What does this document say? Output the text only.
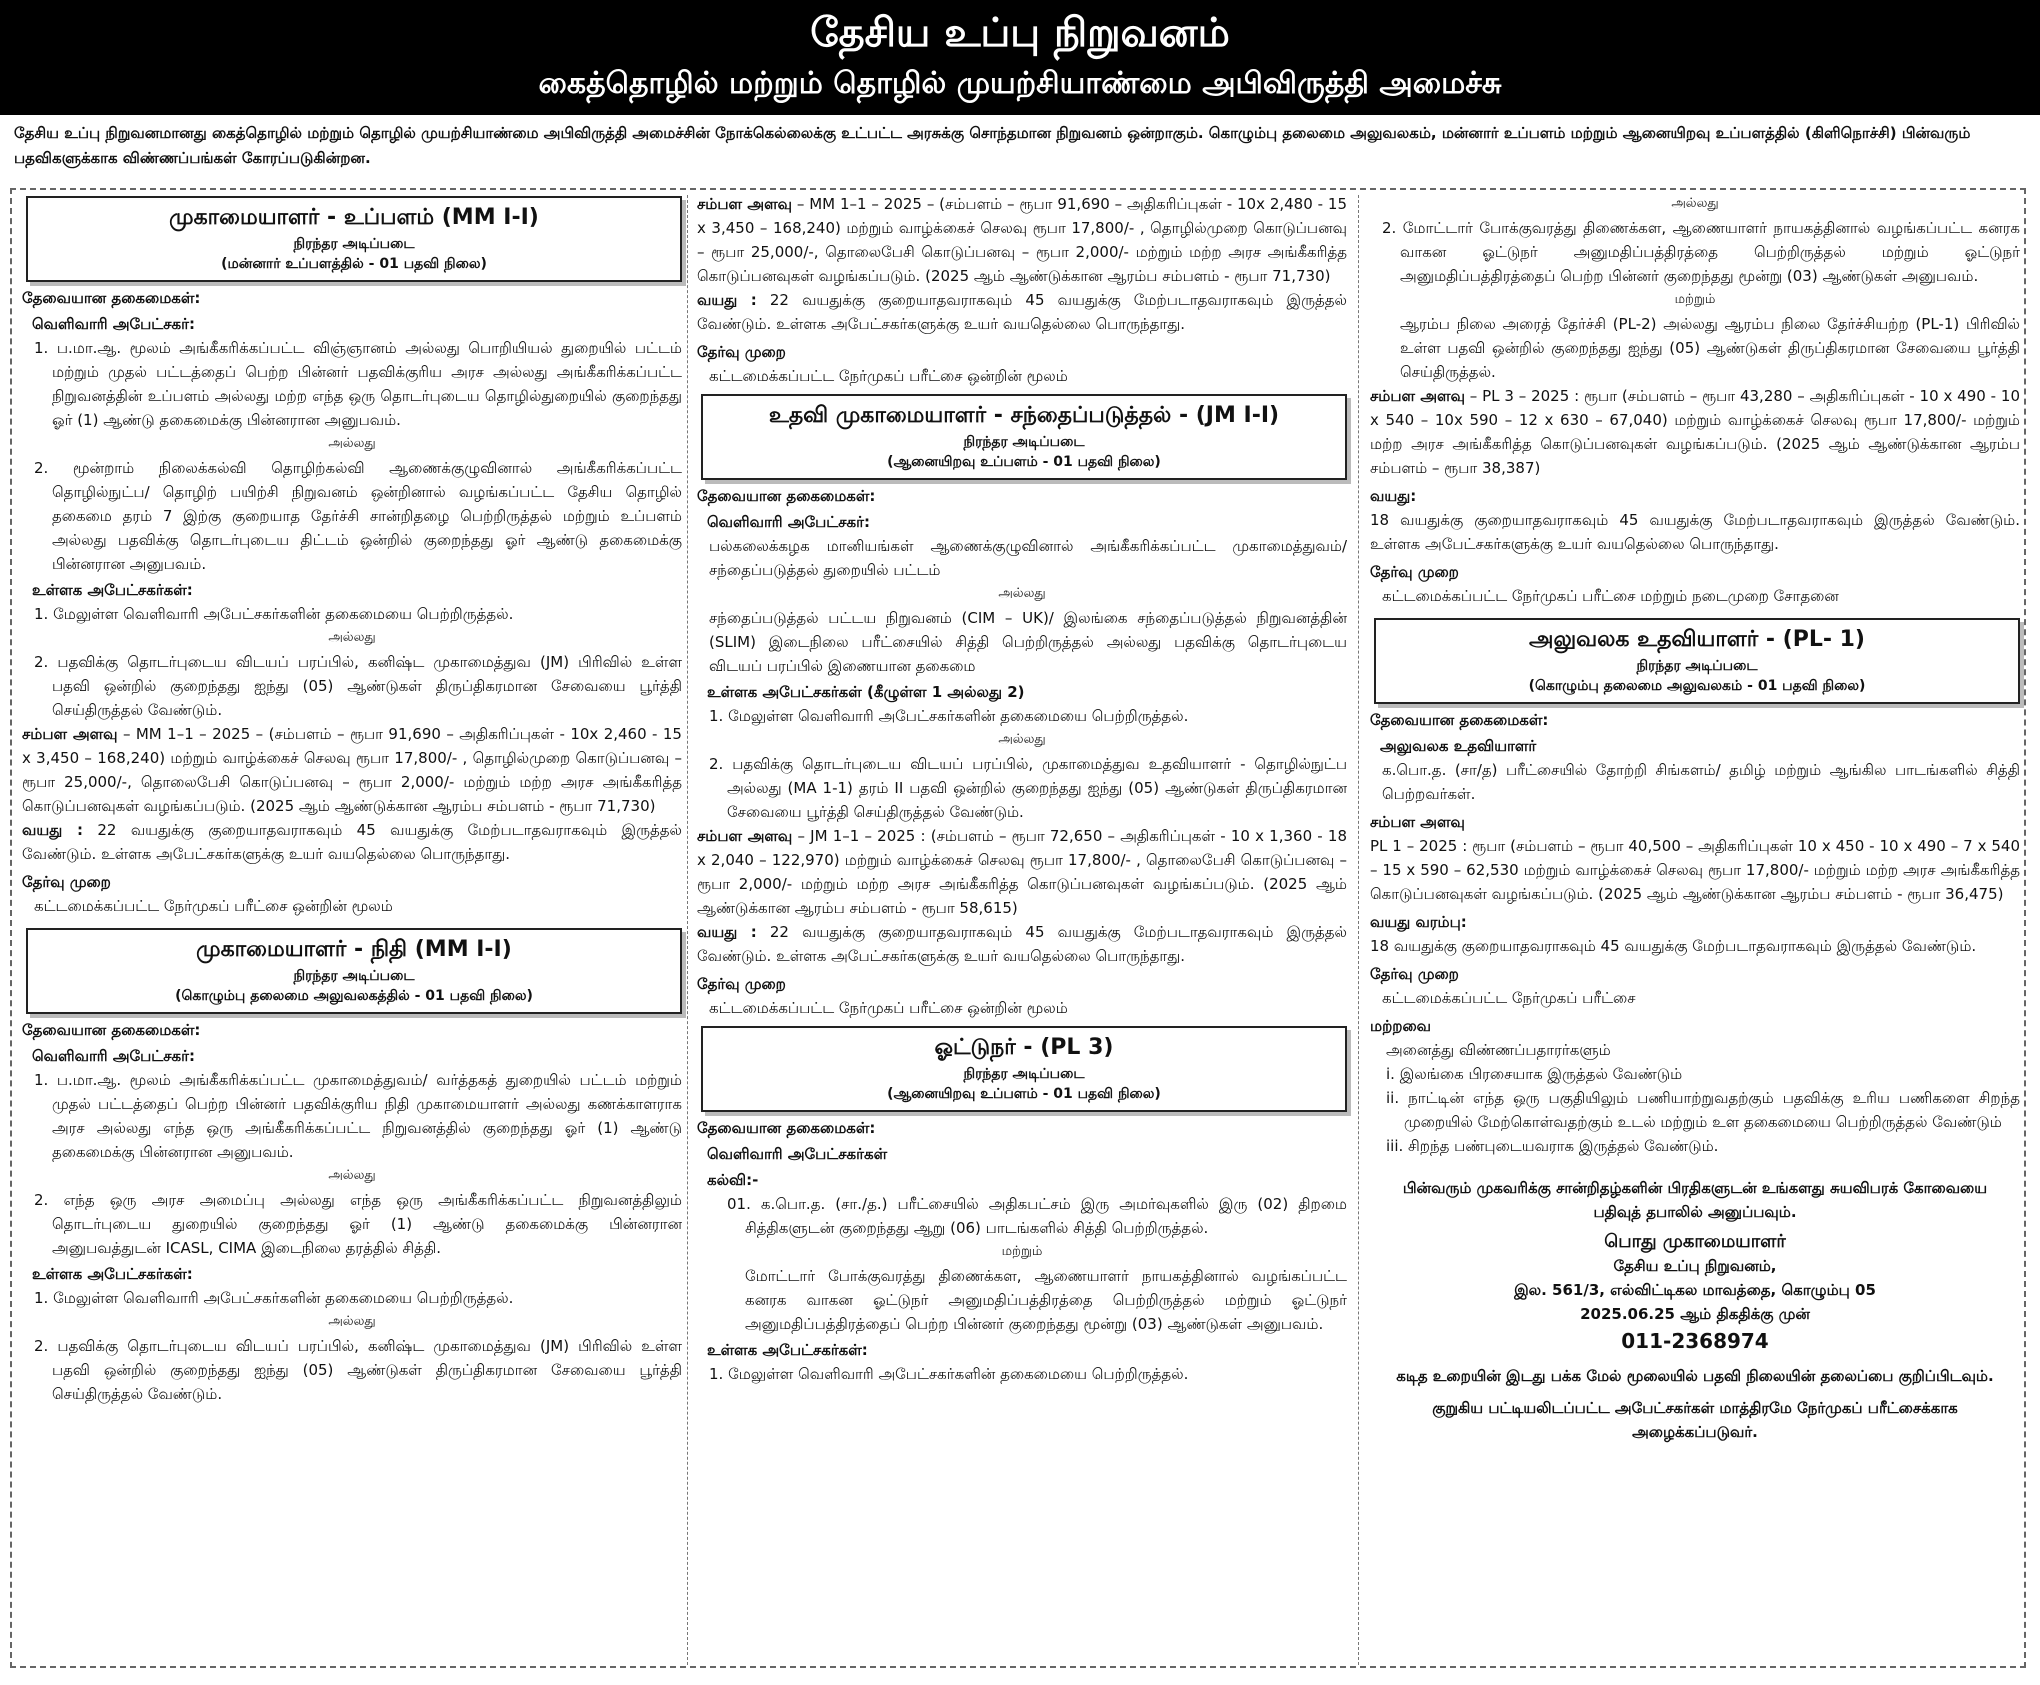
தேசிய உப்பு நிறுவனம்
கைத்தொழில் மற்றும் தொழில் முயற்சியாண்மை அபிவிருத்தி அமைச்சு
தேசிய உப்பு நிறுவனமானது கைத்தொழில் மற்றும் தொழில் முயற்சியாண்மை அபிவிருத்தி அமைச்சின் நோக்கெல்லைக்கு உட்பட்ட அரசுக்கு சொந்தமான நிறுவனம் ஒன்றாகும். கொழும்பு தலைமை அலுவலகம், மன்னார் உப்பளம் மற்றும் ஆனையிறவு உப்பளத்தில் (கிளிநொச்சி) பின்வரும் பதவிகளுக்காக விண்ணப்பங்கள் கோரப்படுகின்றன.
முகாமையாளர் - உப்பளம் (MM I-I)
நிரந்தர அடிப்படை
(மன்னார் உப்பளத்தில் - 01 பதவி நிலை)
தேவையான தகைமைகள்:
வெளிவாரி அபேட்சகர்:
1. ப.மா.ஆ. மூலம் அங்கீகரிக்கப்பட்ட விஞ்ஞானம் அல்லது பொறியியல் துறையில் பட்டம் மற்றும் முதல் பட்டத்தைப் பெற்ற பின்னர் பதவிக்குரிய அரச அல்லது அங்கீகரிக்கப்பட்ட நிறுவனத்தின் உப்பளம் அல்லது மற்ற எந்த ஒரு தொடர்புடைய தொழில்துறையில் குறைந்தது ஓர் (1) ஆண்டு தகைமைக்கு பின்னரான அனுபவம்.
அல்லது
2. மூன்றாம் நிலைக்கல்வி தொழிற்கல்வி ஆணைக்குழுவினால் அங்கீகரிக்கப்பட்ட தொழில்நுட்ப/ தொழிற் பயிற்சி நிறுவனம் ஒன்றினால் வழங்கப்பட்ட தேசிய தொழில் தகைமை தரம் 7 இற்கு குறையாத தேர்ச்சி சான்றிதழை பெற்றிருத்தல் மற்றும் உப்பளம் அல்லது பதவிக்கு தொடர்புடைய திட்டம் ஒன்றில் குறைந்தது ஓர் ஆண்டு தகைமைக்கு பின்னரான அனுபவம்.
உள்ளக அபேட்சகர்கள்:
1. மேலுள்ள வெளிவாரி அபேட்சகர்களின் தகைமையை பெற்றிருத்தல்.
அல்லது
2. பதவிக்கு தொடர்புடைய விடயப் பரப்பில், கனிஷ்ட முகாமைத்துவ (JM) பிரிவில் உள்ள பதவி ஒன்றில் குறைந்தது ஐந்து (05) ஆண்டுகள் திருப்திகரமான சேவையை பூர்த்தி செய்திருத்தல் வேண்டும்.
சம்பள அளவு – MM 1–1 – 2025 – (சம்பளம் – ரூபா 91,690 – அதிகரிப்புகள் - 10x 2,460 - 15 x 3,450 – 168,240) மற்றும் வாழ்க்கைச் செலவு ரூபா 17,800/- , தொழில்முறை கொடுப்பனவு – ரூபா 25,000/-, தொலைபேசி கொடுப்பனவு – ரூபா 2,000/- மற்றும் மற்ற அரச அங்கீகரித்த கொடுப்பனவுகள் வழங்கப்படும். (2025 ஆம் ஆண்டுக்கான ஆரம்ப சம்பளம் - ரூபா 71,730)
வயது : 22 வயதுக்கு குறையாதவராகவும் 45 வயதுக்கு மேற்படாதவராகவும் இருத்தல் வேண்டும். உள்ளக அபேட்சகர்களுக்கு உயர் வயதெல்லை பொருந்தாது.
தேர்வு முறை
கட்டமைக்கப்பட்ட நேர்முகப் பரீட்சை ஒன்றின் மூலம்
முகாமையாளர் - நிதி (MM I-I)
நிரந்தர அடிப்படை
(கொழும்பு தலைமை அலுவலகத்தில் - 01 பதவி நிலை)
தேவையான தகைமைகள்:
வெளிவாரி அபேட்சகர்:
1. ப.மா.ஆ. மூலம் அங்கீகரிக்கப்பட்ட முகாமைத்துவம்/ வர்த்தகத் துறையில் பட்டம் மற்றும் முதல் பட்டத்தைப் பெற்ற பின்னர் பதவிக்குரிய நிதி முகாமையாளர் அல்லது கணக்காளராக அரச அல்லது எந்த ஒரு அங்கீகரிக்கப்பட்ட நிறுவனத்தில் குறைந்தது ஓர் (1) ஆண்டு தகைமைக்கு பின்னரான அனுபவம்.
அல்லது
2. எந்த ஒரு அரச அமைப்பு அல்லது எந்த ஒரு அங்கீகரிக்கப்பட்ட நிறுவனத்திலும் தொடர்புடைய துறையில் குறைந்தது ஓர் (1) ஆண்டு தகைமைக்கு பின்னரான அனுபவத்துடன் ICASL, CIMA இடைநிலை தரத்தில் சித்தி.
உள்ளக அபேட்சகர்கள்:
1. மேலுள்ள வெளிவாரி அபேட்சகர்களின் தகைமையை பெற்றிருத்தல்.
அல்லது
2. பதவிக்கு தொடர்புடைய விடயப் பரப்பில், கனிஷ்ட முகாமைத்துவ (JM) பிரிவில் உள்ள பதவி ஒன்றில் குறைந்தது ஐந்து (05) ஆண்டுகள் திருப்திகரமான சேவையை பூர்த்தி செய்திருத்தல் வேண்டும்.
சம்பள அளவு – MM 1–1 – 2025 – (சம்பளம் – ரூபா 91,690 – அதிகரிப்புகள் - 10x 2,480 - 15 x 3,450 – 168,240) மற்றும் வாழ்க்கைச் செலவு ரூபா 17,800/- , தொழில்முறை கொடுப்பனவு – ரூபா 25,000/-, தொலைபேசி கொடுப்பனவு – ரூபா 2,000/- மற்றும் மற்ற அரச அங்கீகரித்த கொடுப்பனவுகள் வழங்கப்படும். (2025 ஆம் ஆண்டுக்கான ஆரம்ப சம்பளம் - ரூபா 71,730)
வயது : 22 வயதுக்கு குறையாதவராகவும் 45 வயதுக்கு மேற்படாதவராகவும் இருத்தல் வேண்டும். உள்ளக அபேட்சகர்களுக்கு உயர் வயதெல்லை பொருந்தாது.
தேர்வு முறை
கட்டமைக்கப்பட்ட நேர்முகப் பரீட்சை ஒன்றின் மூலம்
உதவி முகாமையாளர் - சந்தைப்படுத்தல் - (JM I-I)
நிரந்தர அடிப்படை
(ஆனையிறவு உப்பளம் - 01 பதவி நிலை)
தேவையான தகைமைகள்:
வெளிவாரி அபேட்சகர்:
பல்கலைக்கழக மானியங்கள் ஆணைக்குழுவினால் அங்கீகரிக்கப்பட்ட முகாமைத்துவம்/ சந்தைப்படுத்தல் துறையில் பட்டம்
அல்லது
சந்தைப்படுத்தல் பட்டய நிறுவனம் (CIM – UK)/ இலங்கை சந்தைப்படுத்தல் நிறுவனத்தின் (SLIM) இடைநிலை பரீட்சையில் சித்தி பெற்றிருத்தல் அல்லது பதவிக்கு தொடர்புடைய விடயப் பரப்பில் இணையான தகைமை
உள்ளக அபேட்சகர்கள் (கீழுள்ள 1 அல்லது 2)
1. மேலுள்ள வெளிவாரி அபேட்சகர்களின் தகைமையை பெற்றிருத்தல்.
அல்லது
2. பதவிக்கு தொடர்புடைய விடயப் பரப்பில், முகாமைத்துவ உதவியாளர் - தொழில்நுட்ப அல்லது (MA 1-1) தரம் II பதவி ஒன்றில் குறைந்தது ஐந்து (05) ஆண்டுகள் திருப்திகரமான சேவையை பூர்த்தி செய்திருத்தல் வேண்டும்.
சம்பள அளவு – JM 1–1 – 2025 : (சம்பளம் – ரூபா 72,650 – அதிகரிப்புகள் - 10 x 1,360 - 18 x 2,040 – 122,970) மற்றும் வாழ்க்கைச் செலவு ரூபா 17,800/- , தொலைபேசி கொடுப்பனவு – ரூபா 2,000/- மற்றும் மற்ற அரச அங்கீகரித்த கொடுப்பனவுகள் வழங்கப்படும். (2025 ஆம் ஆண்டுக்கான ஆரம்ப சம்பளம் - ரூபா 58,615)
வயது : 22 வயதுக்கு குறையாதவராகவும் 45 வயதுக்கு மேற்படாதவராகவும் இருத்தல் வேண்டும். உள்ளக அபேட்சகர்களுக்கு உயர் வயதெல்லை பொருந்தாது.
தேர்வு முறை
கட்டமைக்கப்பட்ட நேர்முகப் பரீட்சை ஒன்றின் மூலம்
ஓட்டுநர் - (PL 3)
நிரந்தர அடிப்படை
(ஆனையிறவு உப்பளம் - 01 பதவி நிலை)
தேவையான தகைமைகள்:
வெளிவாரி அபேட்சகர்கள்
கல்வி:-
01. க.பொ.த. (சா./த.) பரீட்சையில் அதிகபட்சம் இரு அமர்வுகளில் இரு (02) திறமை சித்திகளுடன் குறைந்தது ஆறு (06) பாடங்களில் சித்தி பெற்றிருத்தல்.
மற்றும்
மோட்டார் போக்குவரத்து திணைக்கள, ஆணையாளர் நாயகத்தினால் வழங்கப்பட்ட கனரக வாகன ஓட்டுநர் அனுமதிப்பத்திரத்தை பெற்றிருத்தல் மற்றும் ஓட்டுநர் அனுமதிப்பத்திரத்தைப் பெற்ற பின்னர் குறைந்தது மூன்று (03) ஆண்டுகள் அனுபவம்.
உள்ளக அபேட்சகர்கள்:
1. மேலுள்ள வெளிவாரி அபேட்சகர்களின் தகைமையை பெற்றிருத்தல்.
அல்லது
2. மோட்டார் போக்குவரத்து திணைக்கள, ஆணையாளர் நாயகத்தினால் வழங்கப்பட்ட கனரக வாகன ஓட்டுநர் அனுமதிப்பத்திரத்தை பெற்றிருத்தல் மற்றும் ஓட்டுநர் அனுமதிப்பத்திரத்தைப் பெற்ற பின்னர் குறைந்தது மூன்று (03) ஆண்டுகள் அனுபவம்.
மற்றும்
ஆரம்ப நிலை அரைத் தேர்ச்சி (PL-2) அல்லது ஆரம்ப நிலை தேர்ச்சியற்ற (PL-1) பிரிவில் உள்ள பதவி ஒன்றில் குறைந்தது ஐந்து (05) ஆண்டுகள் திருப்திகரமான சேவையை பூர்த்தி செய்திருத்தல்.
சம்பள அளவு – PL 3 – 2025 : ரூபா (சம்பளம் – ரூபா 43,280 – அதிகரிப்புகள் - 10 x 490 - 10 x 540 – 10x 590 – 12 x 630 – 67,040) மற்றும் வாழ்க்கைச் செலவு ரூபா 17,800/- மற்றும் மற்ற அரச அங்கீகரித்த கொடுப்பனவுகள் வழங்கப்படும். (2025 ஆம் ஆண்டுக்கான ஆரம்ப சம்பளம் – ரூபா 38,387)
வயது:
18 வயதுக்கு குறையாதவராகவும் 45 வயதுக்கு மேற்படாதவராகவும் இருத்தல் வேண்டும். உள்ளக அபேட்சகர்களுக்கு உயர் வயதெல்லை பொருந்தாது.
தேர்வு முறை
கட்டமைக்கப்பட்ட நேர்முகப் பரீட்சை மற்றும் நடைமுறை சோதனை
அலுவலக உதவியாளர் - (PL- 1)
நிரந்தர அடிப்படை
(கொழும்பு தலைமை அலுவலகம் - 01 பதவி நிலை)
தேவையான தகைமைகள்:
அலுவலக உதவியாளர்
க.பொ.த. (சா/த) பரீட்சையில் தோற்றி சிங்களம்/ தமிழ் மற்றும் ஆங்கில பாடங்களில் சித்தி பெற்றவர்கள்.
சம்பள அளவு
PL 1 – 2025 : ரூபா (சம்பளம் – ரூபா 40,500 – அதிகரிப்புகள் 10 x 450 - 10 x 490 – 7 x 540 – 15 x 590 – 62,530 மற்றும் வாழ்க்கைச் செலவு ரூபா 17,800/- மற்றும் மற்ற அரச அங்கீகரித்த கொடுப்பனவுகள் வழங்கப்படும். (2025 ஆம் ஆண்டுக்கான ஆரம்ப சம்பளம் - ரூபா 36,475)
வயது வரம்பு:
18 வயதுக்கு குறையாதவராகவும் 45 வயதுக்கு மேற்படாதவராகவும் இருத்தல் வேண்டும்.
தேர்வு முறை
கட்டமைக்கப்பட்ட நேர்முகப் பரீட்சை
மற்றவை
அனைத்து விண்ணப்பதாரர்களும்
i. இலங்கை பிரசையாக இருத்தல் வேண்டும்
ii. நாட்டின் எந்த ஒரு பகுதியிலும் பணியாற்றுவதற்கும் பதவிக்கு உரிய பணிகளை சிறந்த முறையில் மேற்கொள்வதற்கும் உடல் மற்றும் உள தகைமையை பெற்றிருத்தல் வேண்டும்
iii. சிறந்த பண்புடையவராக இருத்தல் வேண்டும்.
பின்வரும் முகவரிக்கு சான்றிதழ்களின் பிரதிகளுடன் உங்களது சுயவிபரக் கோவையை பதிவுத் தபாலில் அனுப்பவும்.
பொது முகாமையாளர்
தேசிய உப்பு நிறுவனம்,
இல. 561/3, எல்விட்டிகல மாவத்தை, கொழும்பு 05
2025.06.25 ஆம் திகதிக்கு முன்
011-2368974
கடித உறையின் இடது பக்க மேல் மூலையில் பதவி நிலையின் தலைப்பை குறிப்பிடவும்.
குறுகிய பட்டியலிடப்பட்ட அபேட்சகர்கள் மாத்திரமே நேர்முகப் பரீட்சைக்காக அழைக்கப்படுவர்.
